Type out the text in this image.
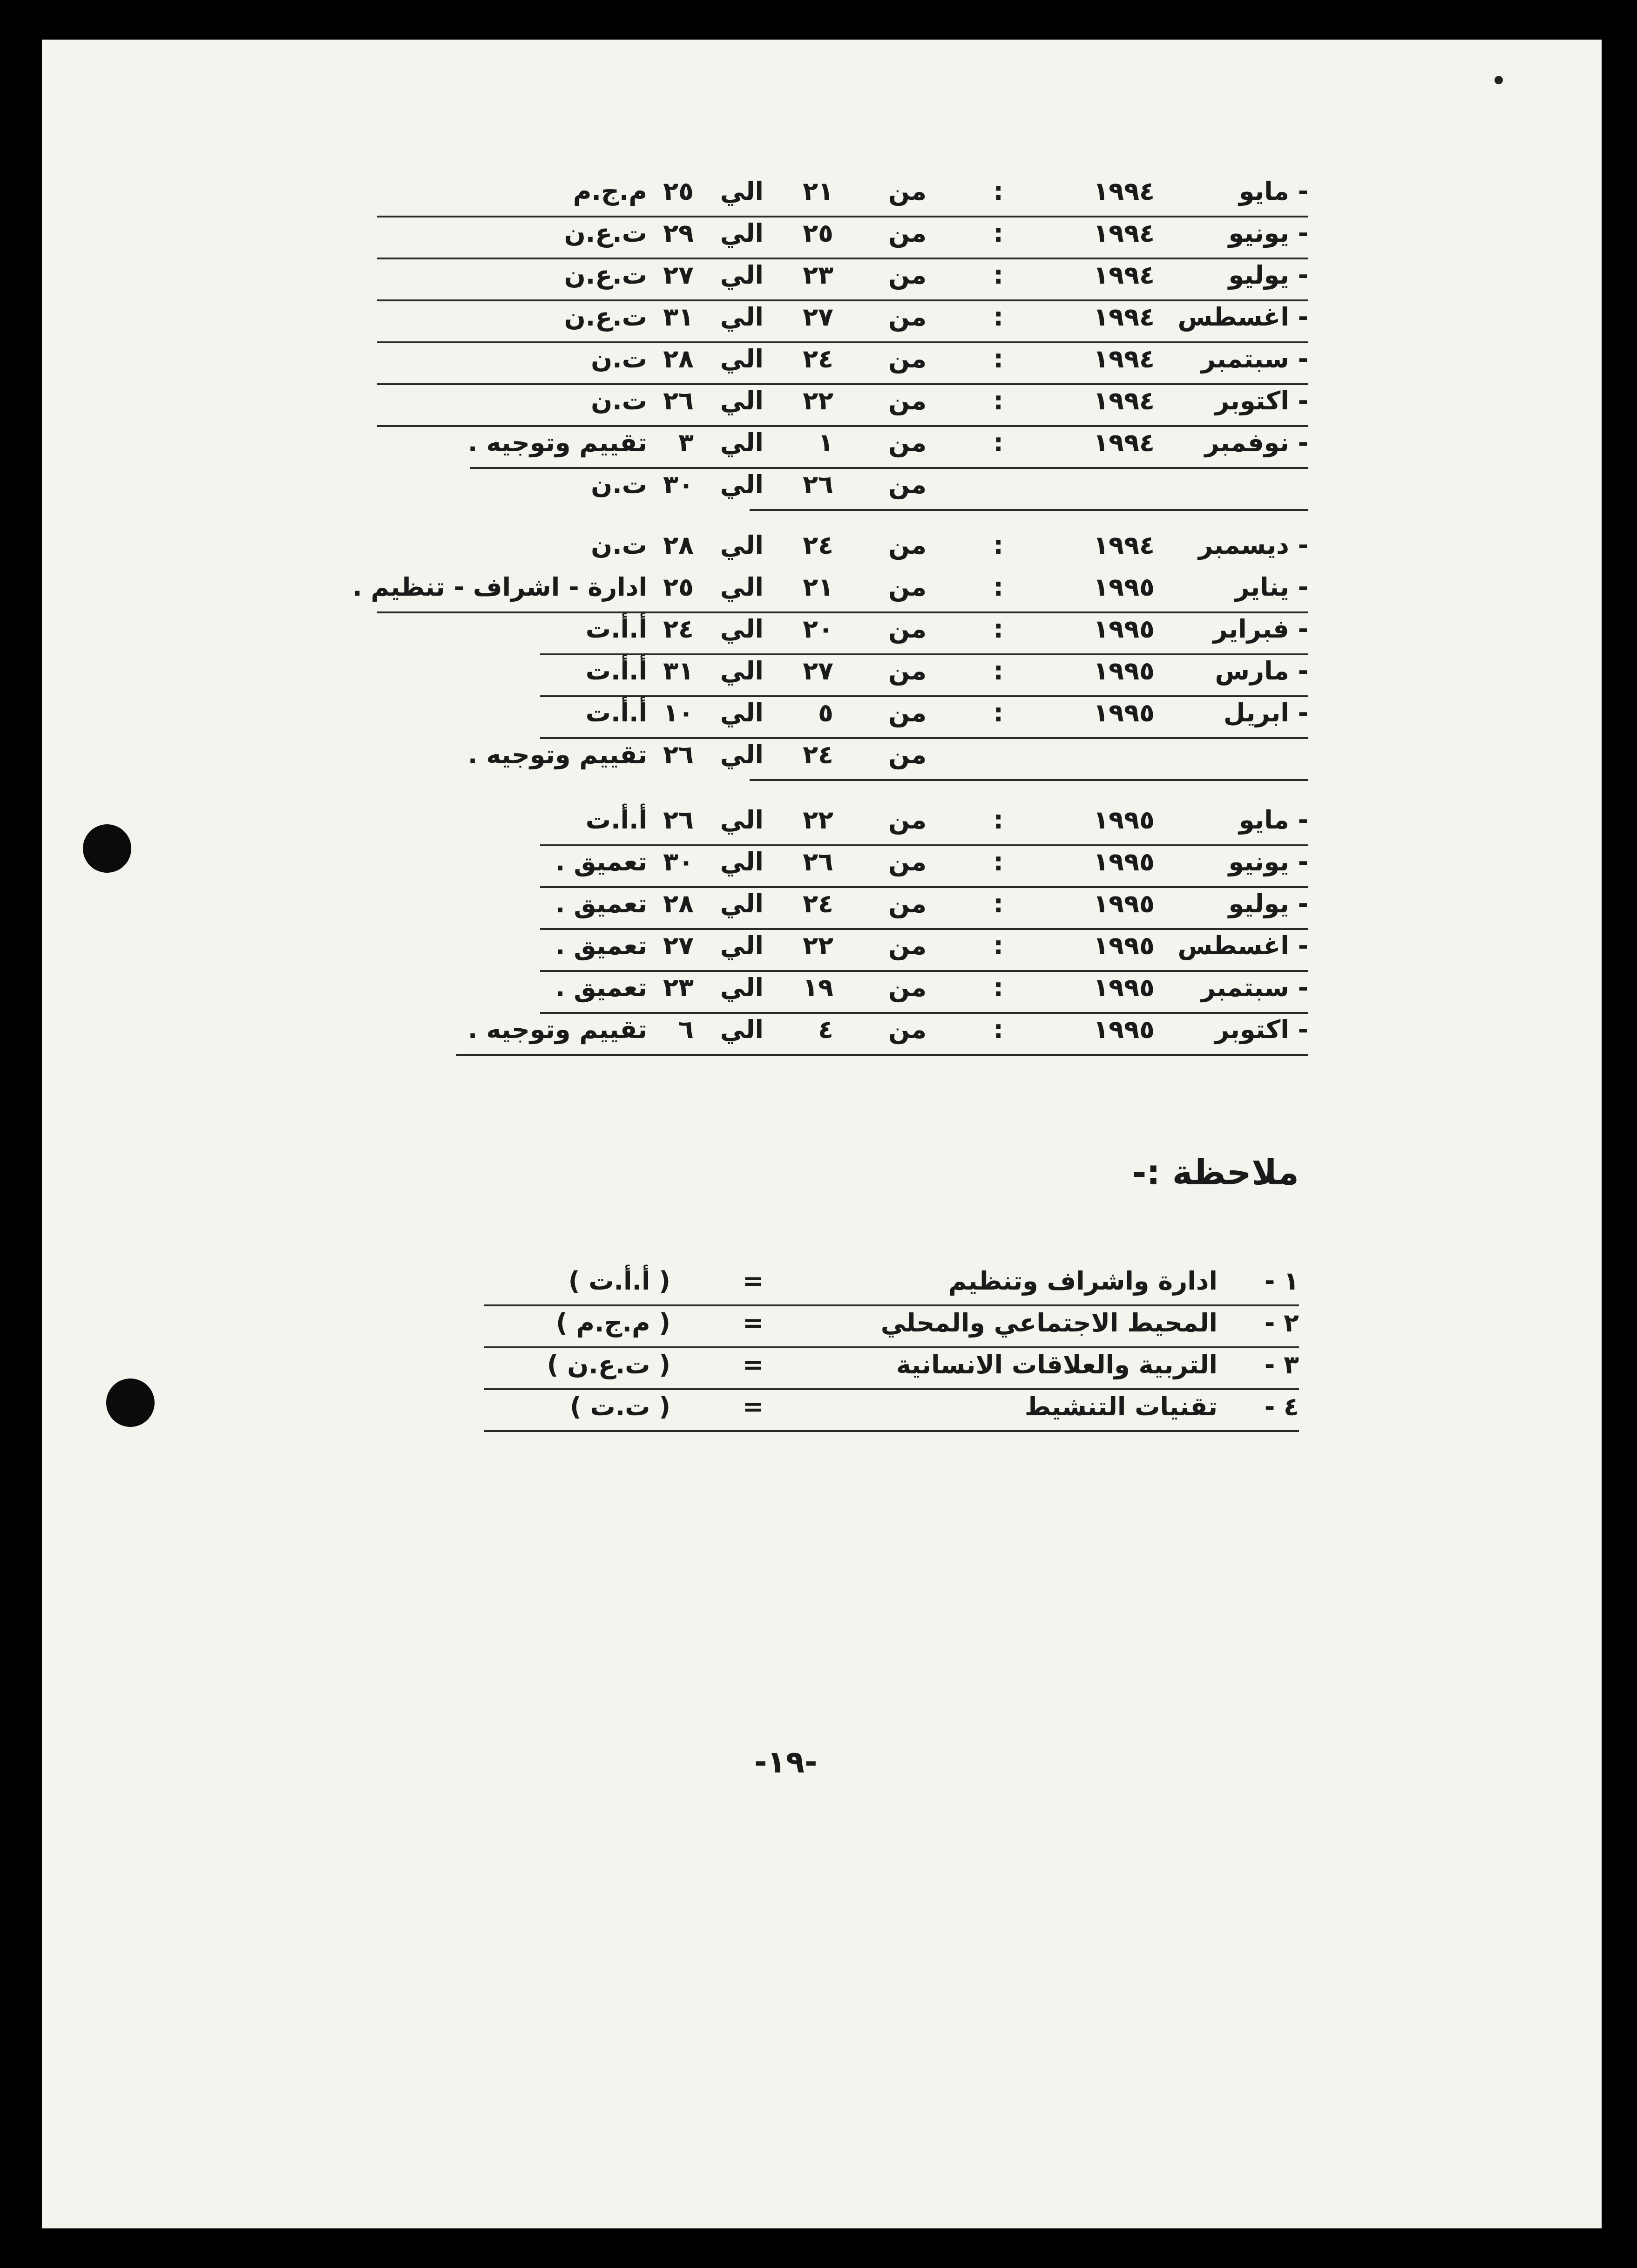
- مايو
١٩٩٤
:
من
٢١
الي
٢٥
م.ج.م
- يونيو
١٩٩٤
:
من
٢٥
الي
٢٩
ت.ع.ن
- يوليو
١٩٩٤
:
من
٢٣
الي
٢٧
ت.ع.ن
- اغسطس
١٩٩٤
:
من
٢٧
الي
٣١
ت.ع.ن
- سبتمبر
١٩٩٤
:
من
٢٤
الي
٢٨
ت.ن
- اكتوبر
١٩٩٤
:
من
٢٢
الي
٢٦
ت.ن
- نوفمبر
١٩٩٤
:
من
١
الي
٣
تقييم وتوجيه .
من
٢٦
الي
٣٠
ت.ن
- ديسمبر
١٩٩٤
:
من
٢٤
الي
٢٨
ت.ن
- يناير
١٩٩٥
:
من
٢١
الي
٢٥
ادارة - اشراف - تنظيم .
- فبراير
١٩٩٥
:
من
٢٠
الي
٢٤
أ.أ.ت
- مارس
١٩٩٥
:
من
٢٧
الي
٣١
أ.أ.ت
- ابريل
١٩٩٥
:
من
٥
الي
١٠
أ.أ.ت
من
٢٤
الي
٢٦
تقييم وتوجيه .
- مايو
١٩٩٥
:
من
٢٢
الي
٢٦
أ.أ.ت
- يونيو
١٩٩٥
:
من
٢٦
الي
٣٠
تعميق .
- يوليو
١٩٩٥
:
من
٢٤
الي
٢٨
تعميق .
- اغسطس
١٩٩٥
:
من
٢٢
الي
٢٧
تعميق .
- سبتمبر
١٩٩٥
:
من
١٩
الي
٢٣
تعميق .
- اكتوبر
١٩٩٥
:
من
٤
الي
٦
تقييم وتوجيه .
ملاحظة :-
١ -
ادارة واشراف وتنظيم
=
( أ.أ.ت )
٢ -
المحيط الاجتماعي والمحلي
=
( م.ج.م )
٣ -
التربية والعلاقات الانسانية
=
( ت.ع.ن )
٤ -
تقنيات التنشيط
=
( ت.ت )
-١٩-
